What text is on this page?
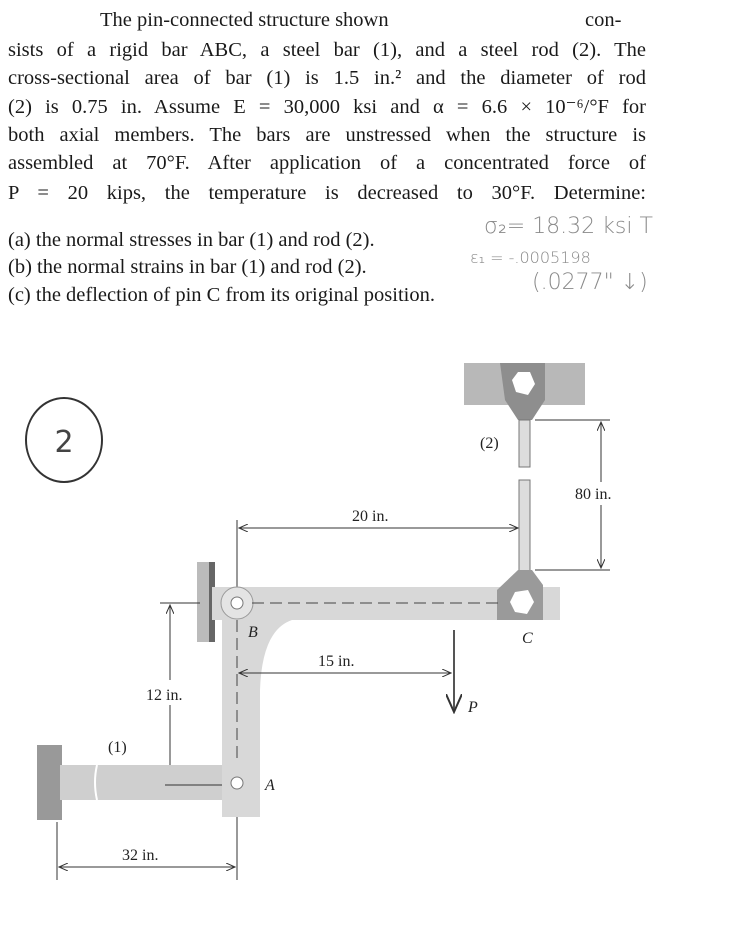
The pin-connected structure shown	con-
sists of a rigid bar ABC, a steel bar (1), and a steel rod (2). The
cross-sectional area of bar (1) is 1.5 in.² and the diameter of rod
(2) is 0.75 in. Assume E = 30,000 ksi and α = 6.6 × 10⁻⁶/°F for
both axial members. The bars are unstressed when the structure is
assembled at 70°F. After application of a concentrated force of
P = 20 kips, the temperature is decreased to 30°F. Determine:
(a) the normal stresses in bar (1) and rod (2).
(b) the normal strains in bar (1) and rod (2).
(c) the deflection of pin C from its original position.
σ₂= 18.32 ksi T
ε₁ = -.0005198
(.0277" ↓)
2	(2)
80 in.
20 in.
B	C
15 in.
P
12 in.
A
(1)
32 in.
